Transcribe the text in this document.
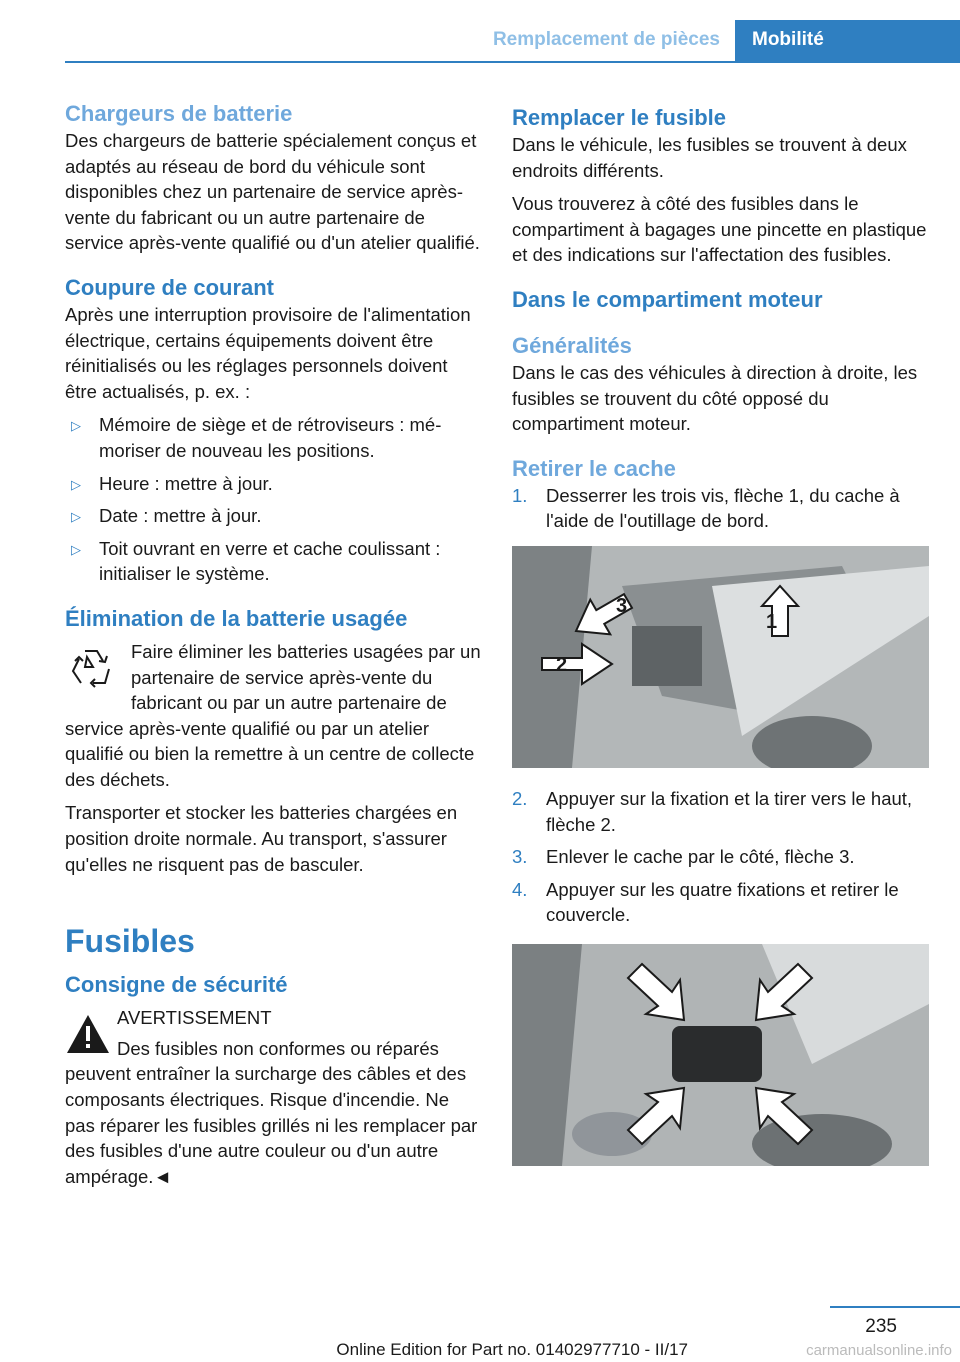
Remplacement de pièces	Mobilité
Chargeurs de batterie

Des chargeurs de batterie spécialement conçus et adaptés au réseau de bord du véhicule sont disponibles chez un partenaire de service après-vente du fabricant ou un autre partenaire de service après-vente qualifié ou d'un atelier qualifié.

Coupure de courant

Après une interruption provisoire de l'alimentation électrique, certains équipements doivent être réinitialisés ou les réglages personnels doivent être actualisés, p. ex. :

▷ Mémoire de siège et de rétroviseurs : mémoriser de nouveau les positions.
▷ Heure : mettre à jour.
▷ Date : mettre à jour.
▷ Toit ouvrant en verre et cache coulissant : initialiser le système.
Élimination de la batterie usagée

Faire éliminer les batteries usagées par un partenaire de service après-vente du fabricant ou par un autre partenaire de service après-vente qualifié ou par un atelier qualifié ou bien la remettre à un centre de collecte des déchets.

Transporter et stocker les batteries chargées en position droite normale. Au transport, s'assurer qu'elles ne risquent pas de basculer.

Fusibles
Consigne de sécurité

AVERTISSEMENT
Des fusibles non conformes ou réparés peuvent entraîner la surcharge des câbles et des composants électriques. Risque d'incendie. Ne pas réparer les fusibles grillés ni les remplacer par des fusibles d'une autre couleur ou d'un autre ampérage.◄

Remplacer le fusible

Dans le véhicule, les fusibles se trouvent à deux endroits différents.

Vous trouverez à côté des fusibles dans le compartiment à bagages une pincette en plastique et des indications sur l'affectation des fusibles.

Dans le compartiment moteur
Généralités

Dans le cas des véhicules à direction à droite, les fusibles se trouvent du côté opposé du compartiment moteur.

Retirer le cache
1. Desserrer les trois vis, flèche 1, du cache à l'aide de l'outillage de bord.
3
1
2
2. Appuyer sur la fixation et la tirer vers le haut, flèche 2.
3. Enlever le cache par le côté, flèche 3.
4. Appuyer sur les quatre fixations et retirer le couvercle.
235
Online Edition for Part no. 01402977710 - II/17	carmanualsonline.info
